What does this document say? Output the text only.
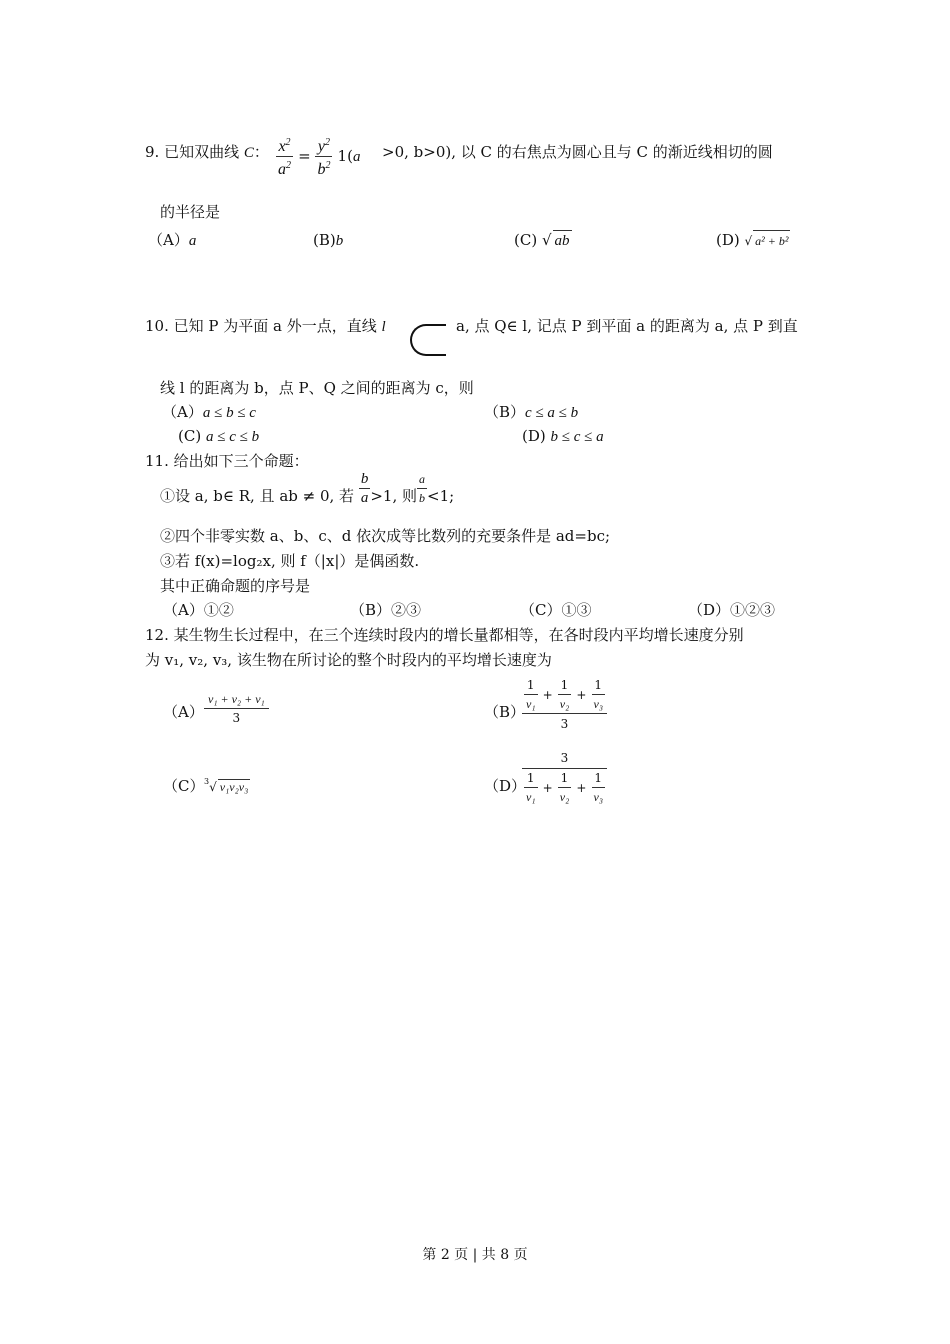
9. 已知双曲线 C： $\frac{x^2}{a^2} = \frac{y^2}{b^2} 1(a >0$, b>0), 以 C 的右焦点为圆心且与 C 的渐近线相切的圆
的半径是
（A）a	(B)b	(C) √ ab	(D) √ a² + b²
10. 已知 P 为平面 a 外一点，直线 l	a, 点 Q∈ l, 记点 P 到平面 a 的距离为 a, 点 P 到直
线 l 的距离为 b，点 P、Q 之间的距离为 c，则
（A）a ≤ b ≤ c	（B）c ≤ a ≤ b
(C) a ≤ c ≤ b	(D) b ≤ c ≤ a
11. 给出如下三个命题：
①设 a, b∈ R, 且 ab ≠ 0, 若 $\frac{b}{a} >1$, 则 $\frac{a}{b} <1$;
②四个非零实数 a、b、c、d 依次成等比数列的充要条件是 ad=bc;
③若 f(x)=log₂x, 则 f（|x|）是偶函数.
其中正确命题的序号是
（A）①②	（B）②③	（C）①③	（D）①②③
12. 某生物生长过程中，在三个连续时段内的增长量都相等，在各时段内平均增长速度分别
为 v₁, v₂, v₃, 该生物在所讨论的整个时段内的平均增长速度为
$(A) \frac{\text{v₁ + v₂ + v₁}}{3}$	（B）
$\frac{1}{\text{v₁}} + \frac{1}{\text{v₂}} + \frac{1}{\text{v₃}}$
3
（C） $^3$√ v₁v₂v₃	（D）
3
$\frac{1}{\text{v₁}} + \frac{1}{\text{v₂}} + \frac{1}{\text{v₃}}$
第 2 页 | 共 8 页
